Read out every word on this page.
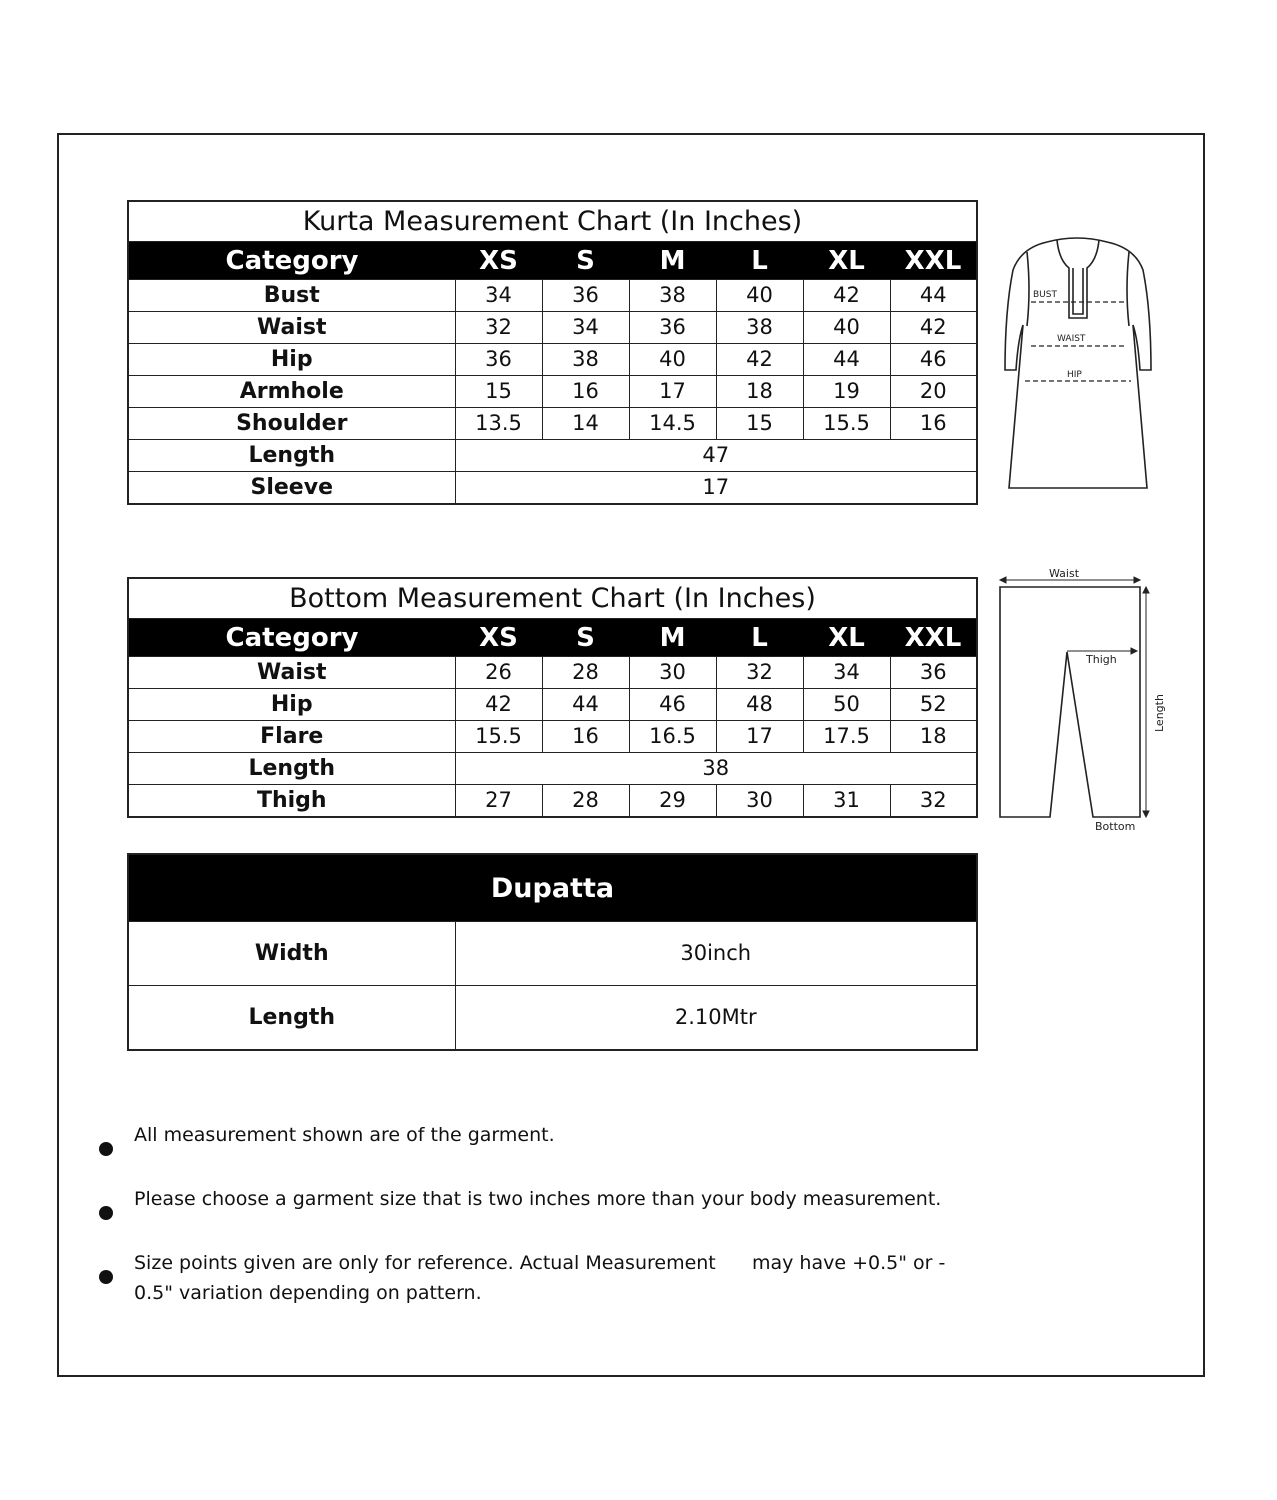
Kurta Measurement Chart (In Inches)						
Category	XS	S	M	L	XL	XXL
Bust	34	36	38	40	42	44
Waist	32	34	36	38	40	42
Hip	36	38	40	42	44	46
Armhole	15	16	17	18	19	20
Shoulder	13.5	14	14.5	15	15.5	16
Length	47					
Sleeve	17					
BUST
WAIST
HIP
Bottom Measurement Chart (In Inches)						
Category	XS	S	M	L	XL	XXL
Waist	26	28	30	32	34	36
Hip	42	44	46	48	50	52
Flare	15.5	16	16.5	17	17.5	18
Length	38					
Thigh	27	28	29	30	31	32
Waist
Thigh
Length
Bottom
Dupatta	
Width	30inch
Length	2.10Mtr
All measurement shown are of the garment.
Please choose a garment size that is two inches more than your body measurement.
Size points given are only for reference. Actual Measurement      may have +0.5" or -
0.5" variation depending on pattern.
